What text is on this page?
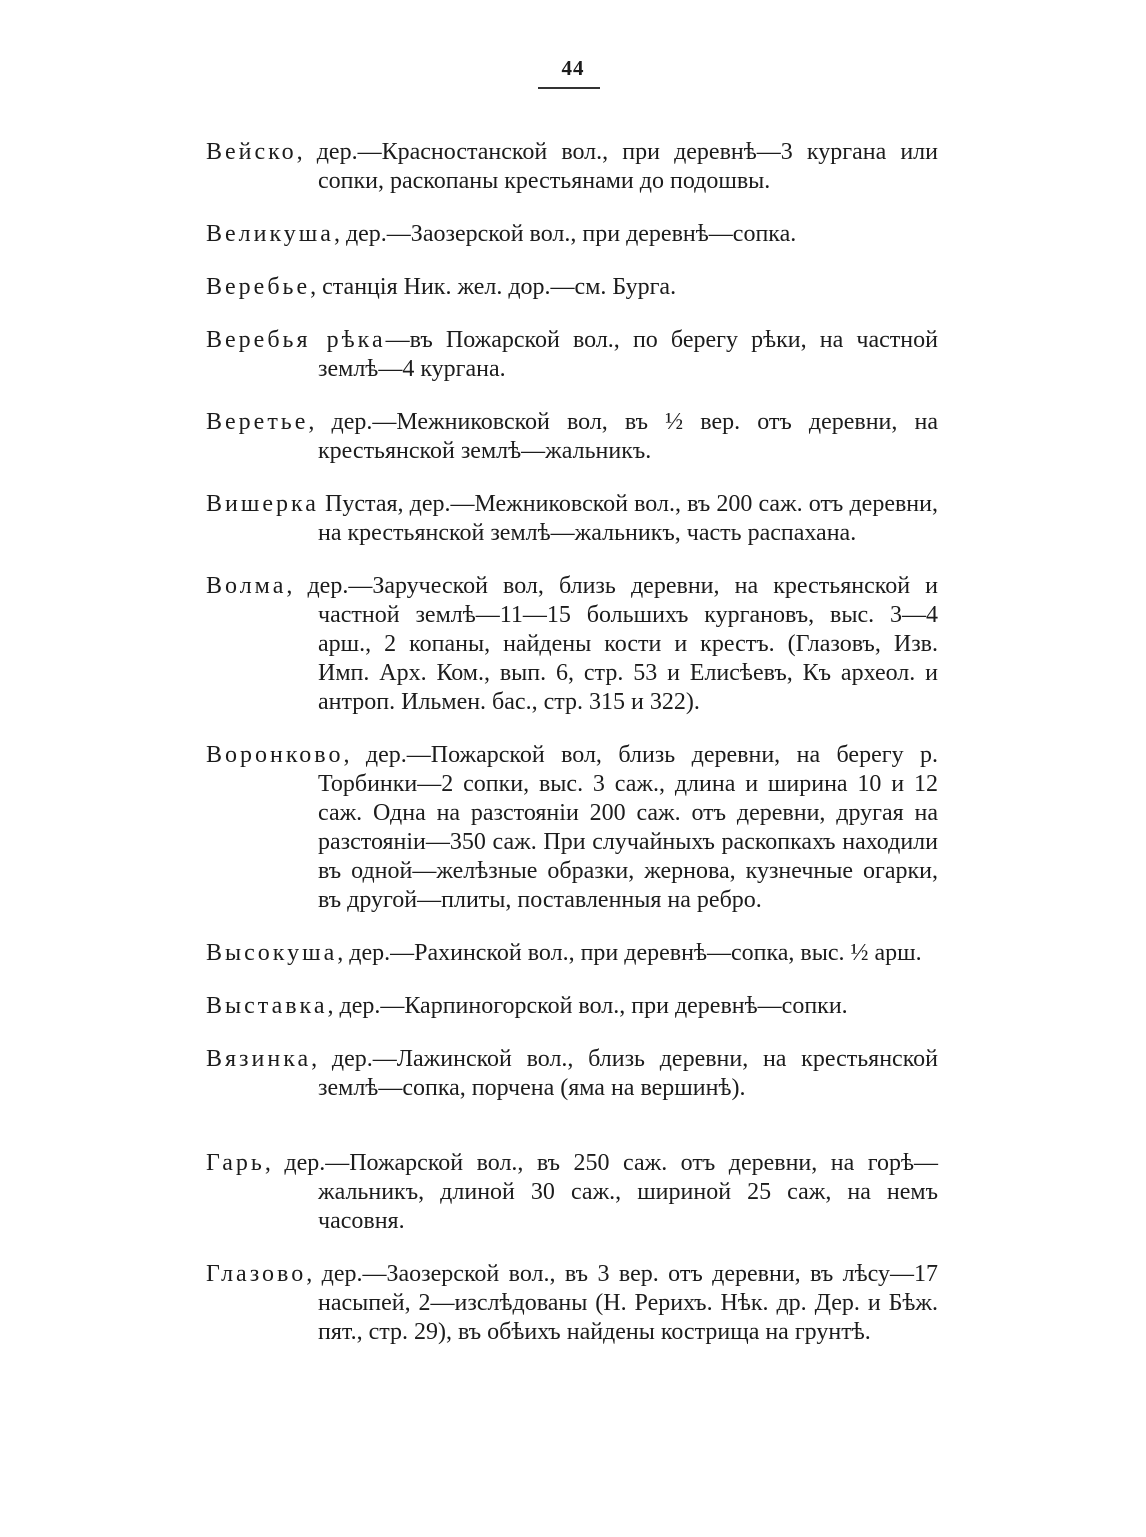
44

Вейско, дер.—Красностанской вол., при деревнѣ—3 кургана или сопки, раскопаны крестьянами до подошвы.

Великуша, дер.—Заозерской вол., при деревнѣ—сопка.

Веребье, станція Ник. жел. дор.—см. Бурга.

Веребья рѣка—въ Пожарской вол., по берегу рѣки, на частной землѣ—4 кургана.

Веретье, дер.—Межниковской вол, въ ½ вер. отъ деревни, на крестьянской землѣ—жальникъ.

Вишерка Пустая, дер.—Межниковской вол., въ 200 саж. отъ деревни, на крестьянской землѣ—жальникъ, часть распахана.

Волма, дер.—Заруческой вол, близь деревни, на крестьянской и частной землѣ—11—15 большихъ кургановъ, выс. 3—4 арш., 2 копаны, найдены кости и крестъ. (Глазовъ, Изв. Имп. Арх. Ком., вып. 6, стр. 53 и Елисѣевъ, Къ археол. и антроп. Ильмен. бас., стр. 315 и 322).

Воронково, дер.—Пожарской вол, близь деревни, на берегу р. Торбинки—2 сопки, выс. 3 саж., длина и ширина 10 и 12 саж. Одна на разстояніи 200 саж. отъ деревни, другая на разстояніи—350 саж. При случайныхъ раскопкахъ находили въ одной—желѣзные образки, жернова, кузнечные огарки, въ другой—плиты, поставленныя на ребро.

Высокуша, дер.—Рахинской вол., при деревнѣ—сопка, выс. ½ арш.

Выставка, дер.—Карпиногорской вол., при деревнѣ—сопки.

Вязинка, дер.—Лажинской вол., близь деревни, на крестьянской землѣ—сопка, порчена (яма на вершинѣ).

Гарь, дер.—Пожарской вол., въ 250 саж. отъ деревни, на горѣ—жальникъ, длиной 30 саж., шириной 25 саж, на немъ часовня.

Глазово, дер.—Заозерской вол., въ 3 вер. отъ деревни, въ лѣсу—17 насыпей, 2—изслѣдованы (Н. Рерихъ. Нѣк. др. Дер. и Бѣж. пят., стр. 29), въ обѣихъ найдены кострища на грунтѣ.
